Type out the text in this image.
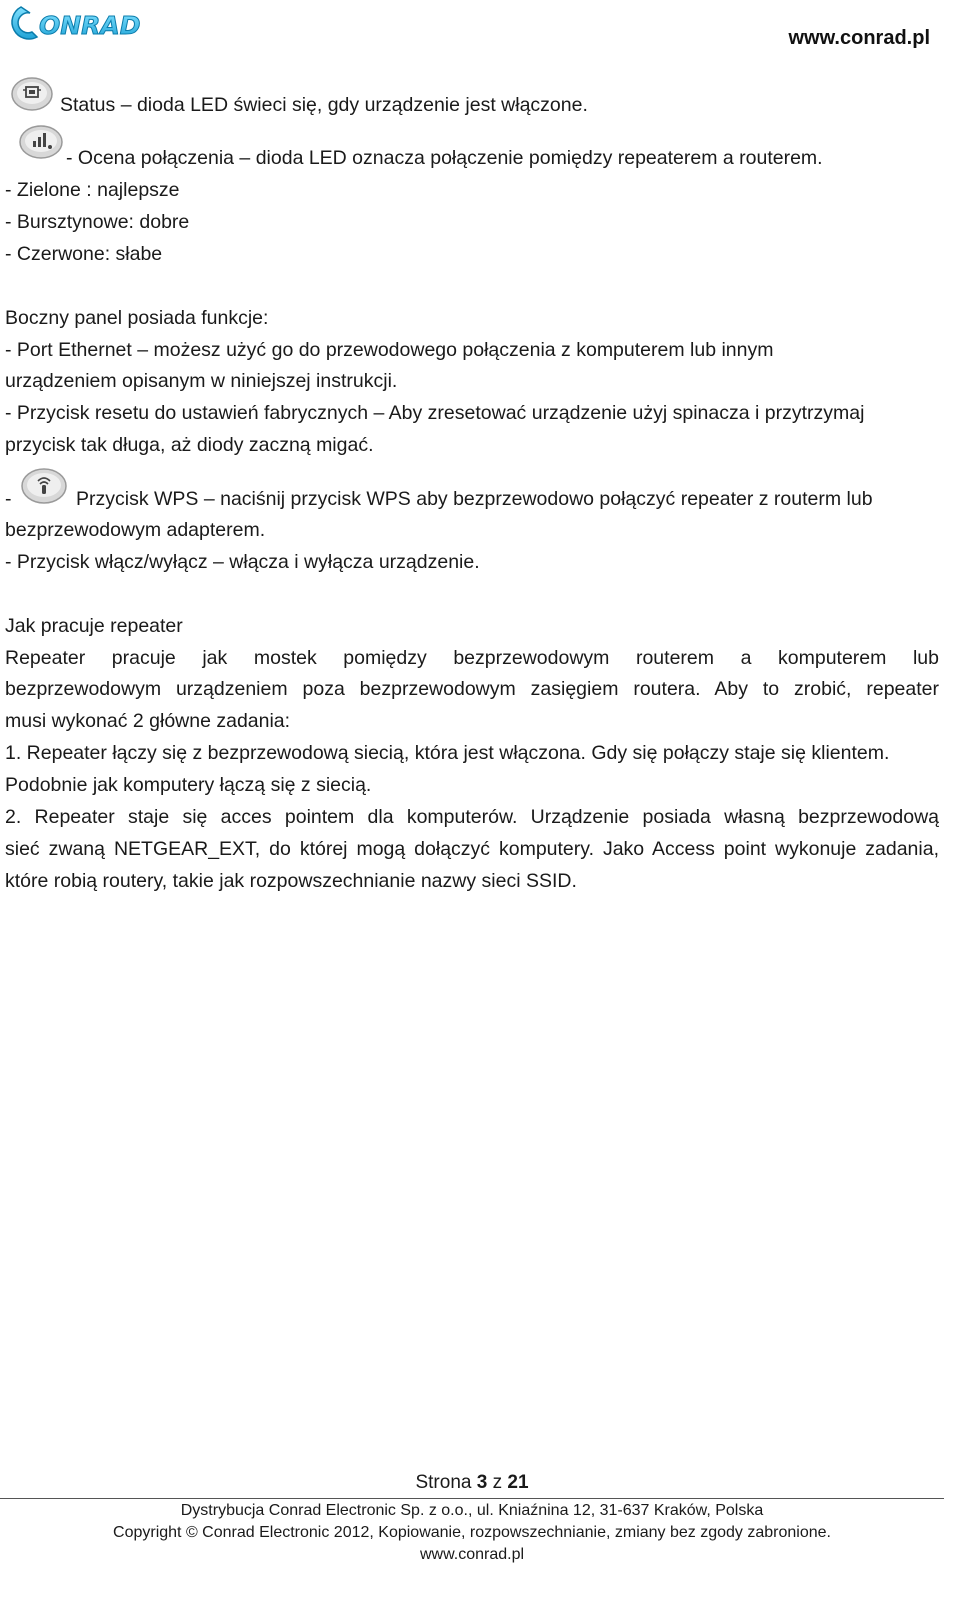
ONRAD	www.conrad.pl
Status – dioda LED świeci się, gdy urządzenie jest włączone.
- Ocena połączenia – dioda LED oznacza połączenie pomiędzy repeaterem a routerem.
- Zielone : najlepsze
- Bursztynowe: dobre
- Czerwone: słabe
Boczny panel posiada funkcje:
- Port Ethernet – możesz użyć go do przewodowego połączenia z komputerem lub innym
urządzeniem opisanym w niniejszej instrukcji.
- Przycisk resetu do ustawień fabrycznych – Aby zresetować urządzenie użyj spinacza i przytrzymaj
przycisk tak długa, aż diody zaczną migać.
-	Przycisk WPS – naciśnij przycisk WPS aby bezprzewodowo połączyć repeater z routerm lub
bezprzewodowym adapterem.
- Przycisk włącz/wyłącz – włącza i wyłącza urządzenie.
Jak pracuje repeater
Repeater pracuje jak mostek pomiędzy bezprzewodowym routerem a komputerem lub
bezprzewodowym urządzeniem poza bezprzewodowym zasięgiem routera. Aby to zrobić, repeater
musi wykonać 2 główne zadania:
1. Repeater łączy się z bezprzewodową siecią, która jest włączona. Gdy się połączy staje się klientem.
Podobnie jak komputery łączą się z siecią.
2. Repeater staje się acces pointem dla komputerów. Urządzenie posiada własną bezprzewodową
sieć zwaną NETGEAR_EXT, do której mogą dołączyć komputery. Jako Access point wykonuje zadania,
które robią routery, takie jak rozpowszechnianie nazwy sieci SSID.
Strona 3 z 21
Dystrybucja Conrad Electronic Sp. z o.o., ul. Kniaźnina 12, 31-637 Kraków, Polska
Copyright © Conrad Electronic 2012, Kopiowanie, rozpowszechnianie, zmiany bez zgody zabronione.
www.conrad.pl
